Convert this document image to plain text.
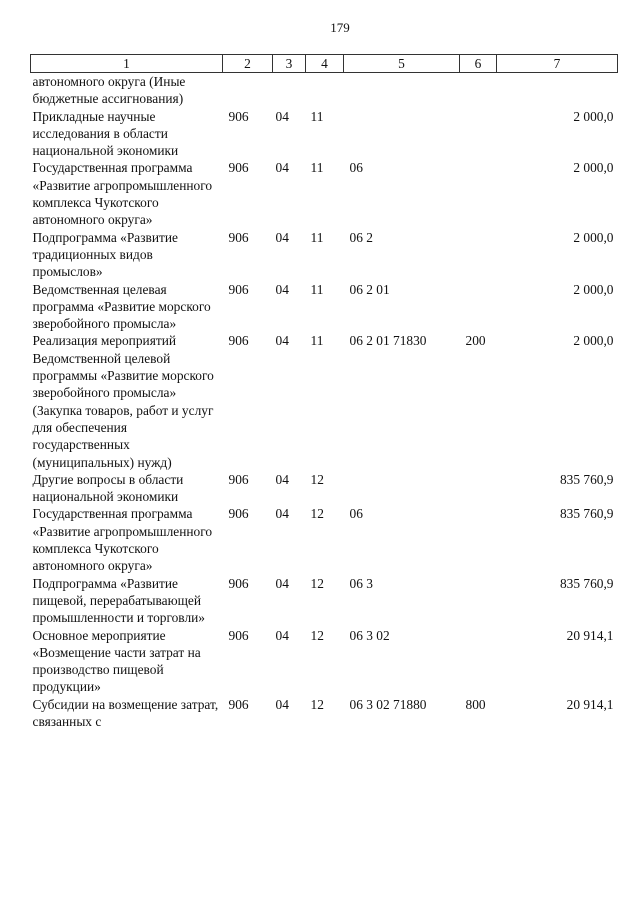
179
1	2	3	4	5	6	7
автономного округа (Иные бюджетные ассигнования)						
Прикладные научные исследования в области национальной экономики	906	04	11			2 000,0
Государственная программа «Развитие агропромышленного комплекса Чукотского автономного округа»	906	04	11	06		2 000,0
Подпрограмма «Развитие традиционных видов промыслов»	906	04	11	06 2		2 000,0
Ведомственная целевая программа «Развитие морского зверобойного промысла»	906	04	11	06 2 01		2 000,0
Реализация мероприятий Ведомственной целевой программы «Развитие морского зверобойного промысла» (Закупка товаров, работ и услуг для обеспечения государственных (муниципальных) нужд)	906	04	11	06 2 01 71830	200	2 000,0
Другие вопросы в области национальной экономики	906	04	12			835 760,9
Государственная программа «Развитие агропромышленного комплекса Чукотского автономного округа»	906	04	12	06		835 760,9
Подпрограмма «Развитие пищевой, перерабатывающей промышленности и торговли»	906	04	12	06 3		835 760,9
Основное мероприятие «Возмещение части затрат на производство пищевой продукции»	906	04	12	06 3 02		20 914,1
Субсидии на возмещение затрат, связанных с	906	04	12	06 3 02 71880	800	20 914,1
